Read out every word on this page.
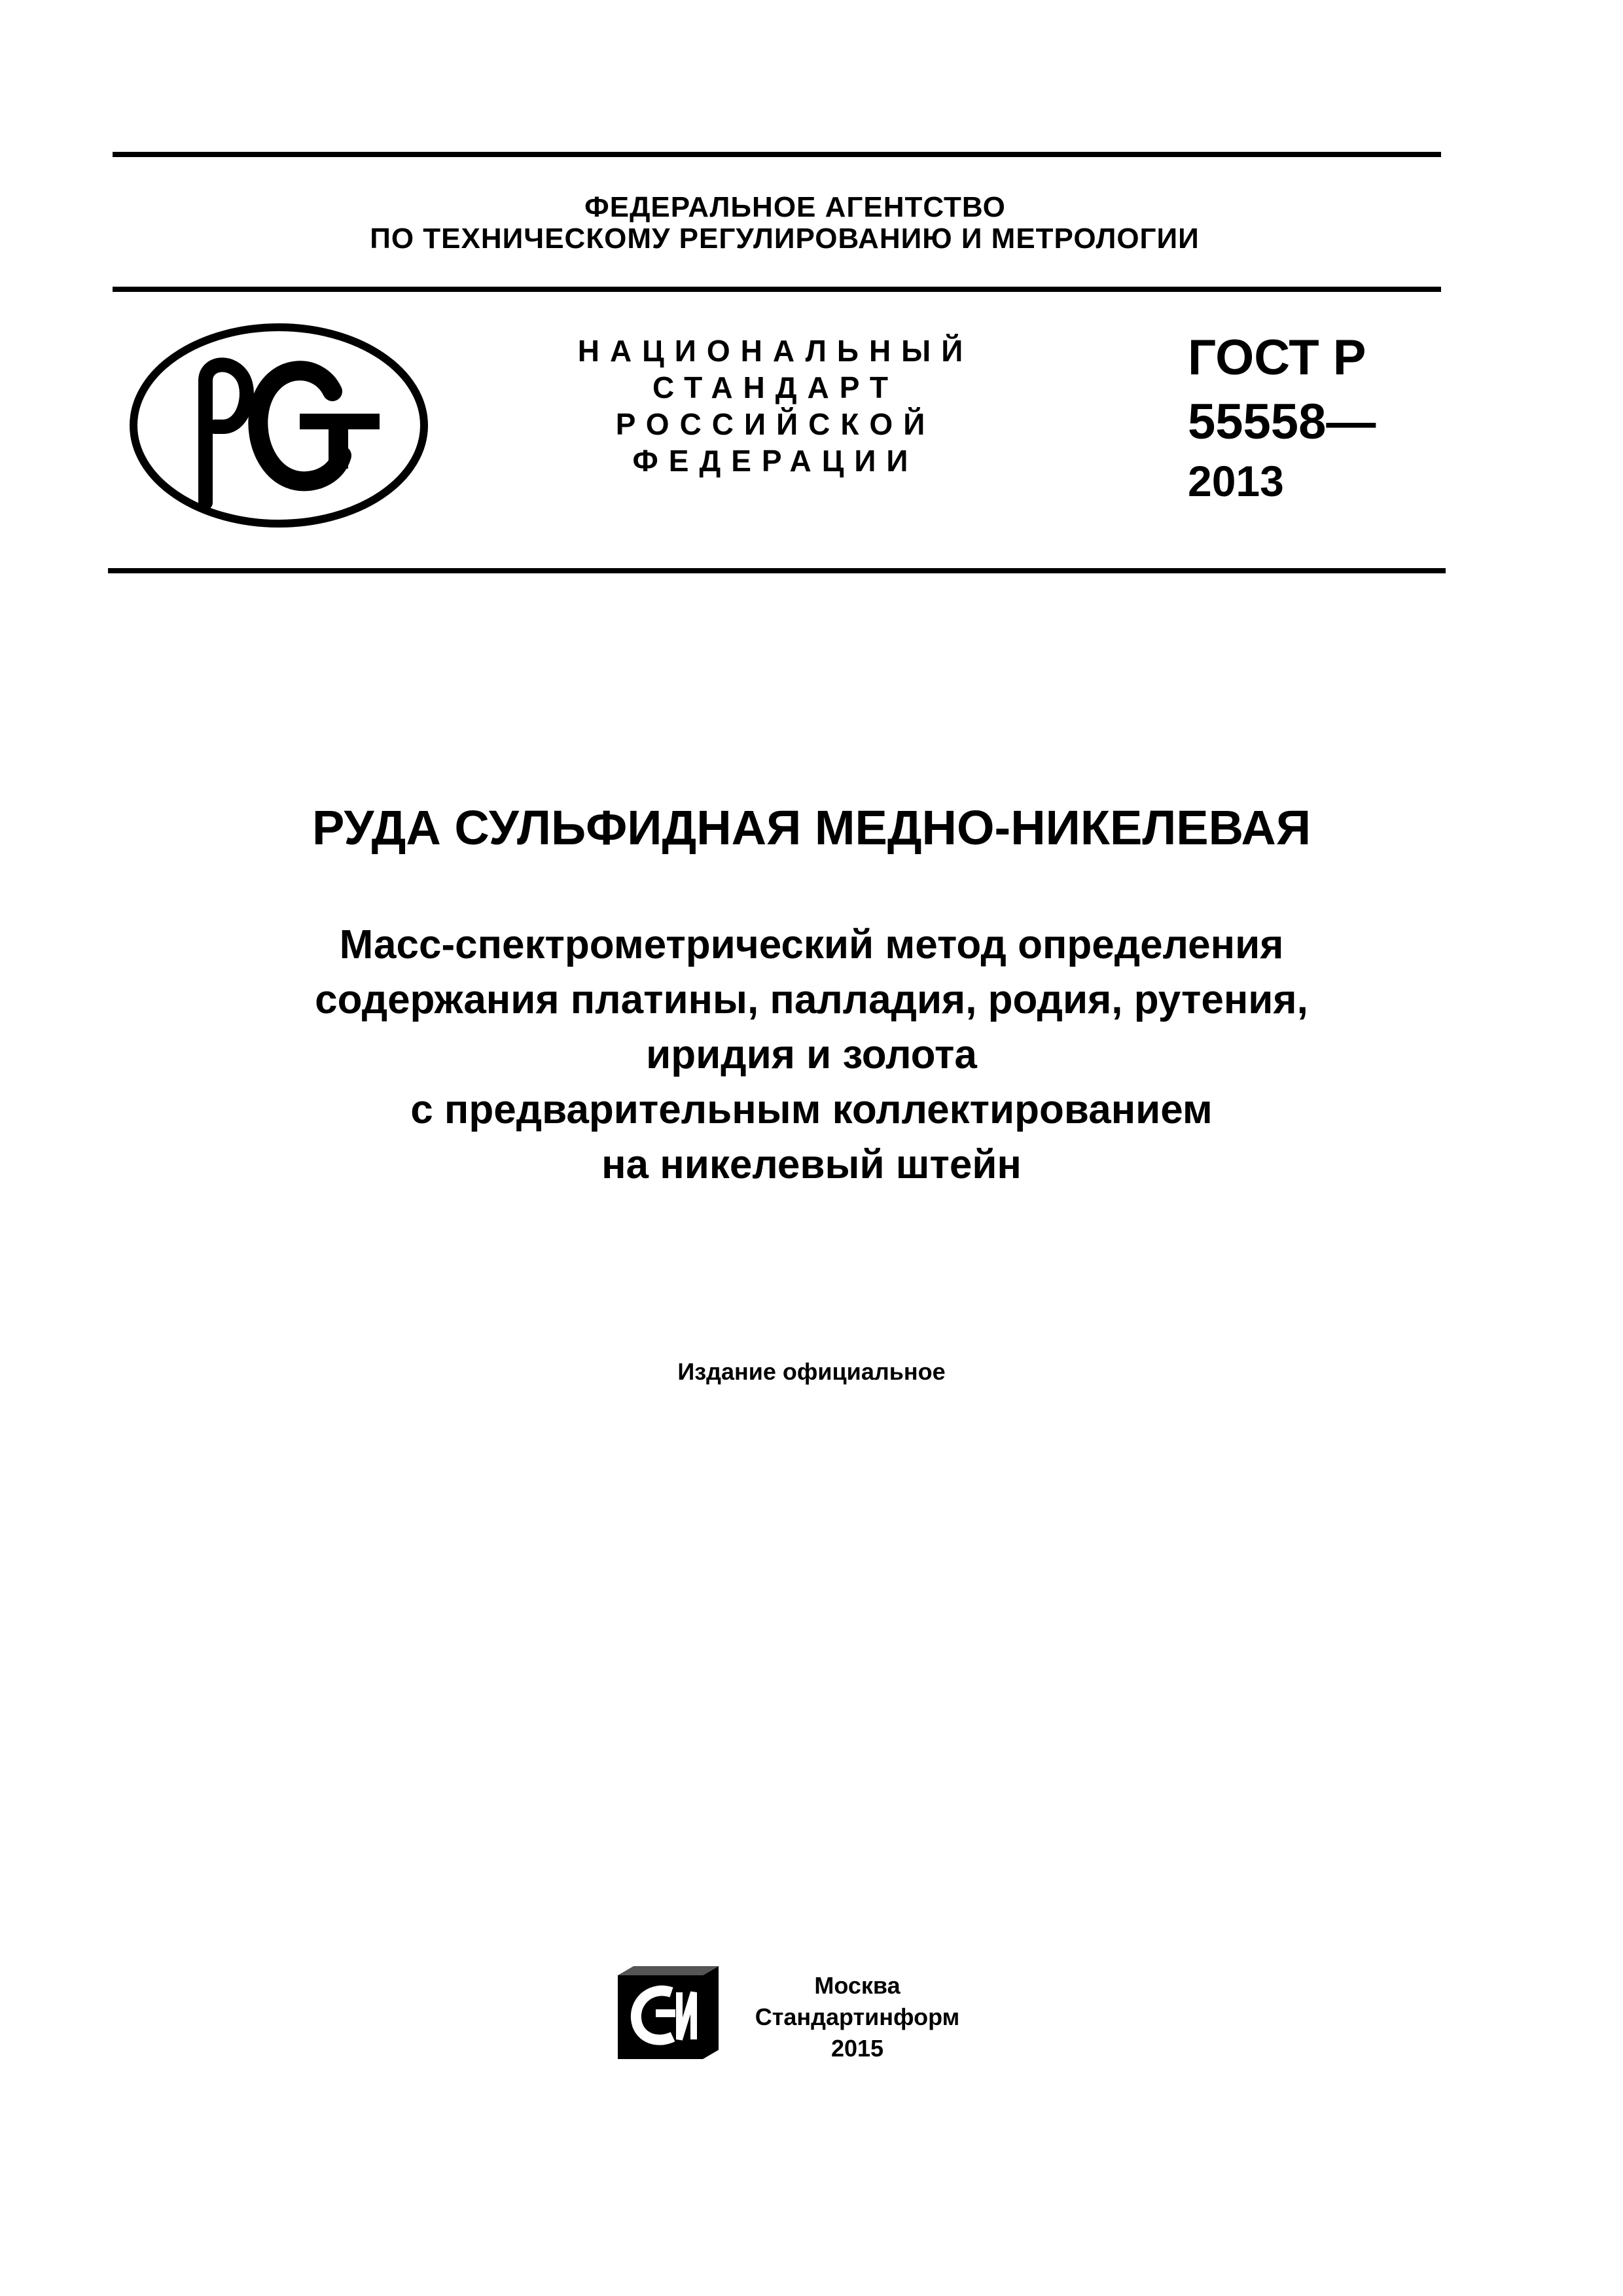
ФЕДЕРАЛЬНОЕ АГЕНТСТВО
ПО ТЕХНИЧЕСКОМУ РЕГУЛИРОВАНИЮ И МЕТРОЛОГИИ
НАЦИОНАЛЬНЫЙ
СТАНДАРТ
РОССИЙСКОЙ
ФЕДЕРАЦИИ
ГОСТ Р
55558—
2013
РУДА СУЛЬФИДНАЯ МЕДНО-НИКЕЛЕВАЯ
Масс-спектрометрический метод определения
содержания платины, палладия, родия, рутения,
иридия и золота
с предварительным коллектированием
на никелевый штейн
Издание официальное
Москва
Стандартинформ
2015
